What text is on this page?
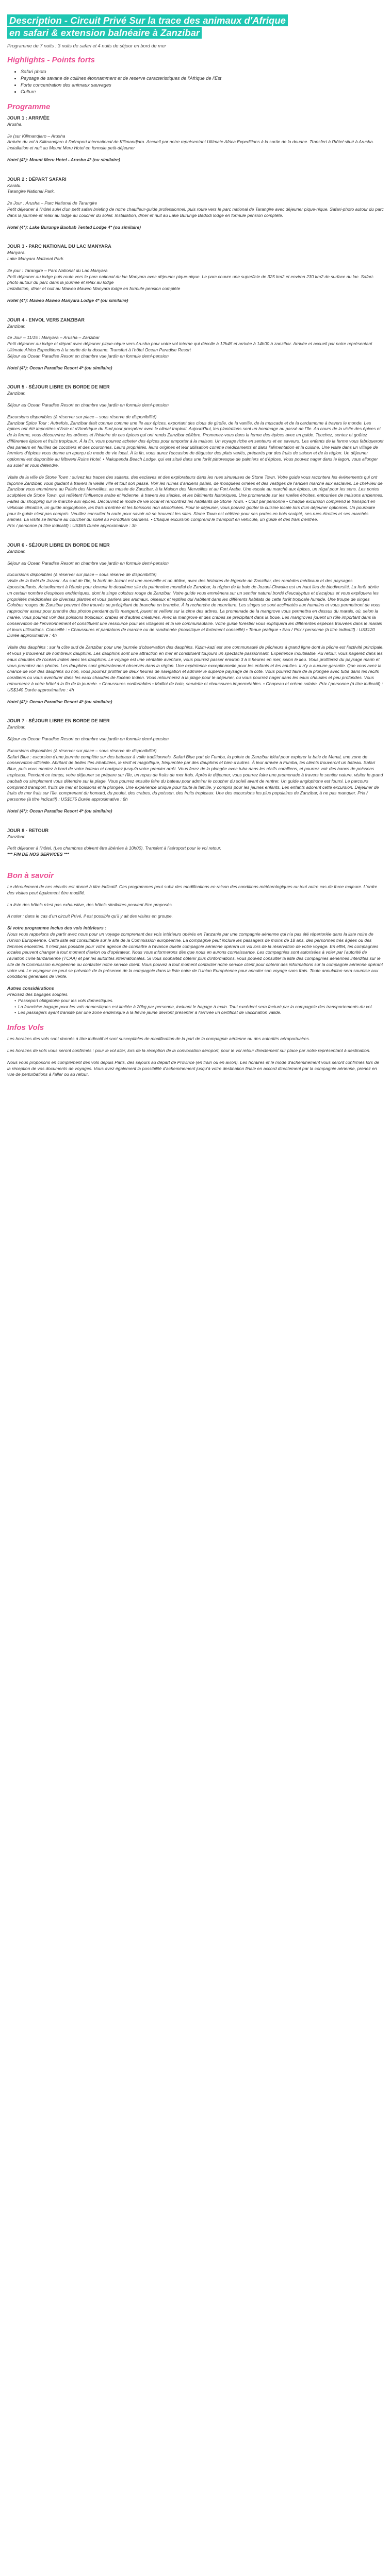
Description - Circuit Privé Sur la trace des animaux d'Afrique en safari & extension balnéaire à Zanzibar
Programme de 7 nuits : 3 nuits de safari et 4 nuits de séjour en bord de mer
Highlights - Points forts
• Safari photo
• Paysage de savane de collines étonnamment et de reserve caracteristiques de l'Afrique de l'Est
• Forte concentration des animaux sauvages
• Culture
Programme
JOUR 1 : ARRIVÉE

Arusha.

Je (sur Kilimandjaro – Arusha

Arrivée du vol à Kilimandjaro à l'aéroport international de Kilimandjaro. Accueil par notre représentant Ultimate Africa Expeditions à la sortie de la douane. Transfert à l'hôtel situé à Arusha.

Installation et nuit au Mount Meru Hotel en formule petit-déjeuner

Hotel (4*): Mount Meru Hotel - Arusha 4* (ou similaire)

JOUR 2 : DÉPART SAFARI

Karatu.

Tarangire National Park.

2e Jour : Arusha – Parc National de Tarangire

Petit déjeuner à l'hôtel suivi d'un petit safari briefing de notre chauffeur-guide professionnel, puis route vers le parc national de Tarangire avec déjeuner pique-nique. Safari-photo autour du parc dans la journée et relax au lodge au coucher du soleil. Installation, dîner et nuit au Lake Burunge Badodi lodge en formule pension complète.

Hotel (4*): Lake Burunge Baobab Tented Lodge 4* (ou similaire)

JOUR 3 - PARC NATIONAL DU LAC MANYARA

Manyara.

Lake Manyara National Park.

3e jour : Tarangire – Parc National du Lac Manyara

Petit déjeuner au lodge puis route vers le parc national du lac Manyara avec déjeuner pique-nique. Le parc couvre une superficie de 325 km2 et environ 230 km2 de surface du lac. Safari-photo autour du parc dans la journée et relax au lodge

Installation, dîner et nuit au Maweo Maweo Manyara lodge en formule pension complète

Hotel (4*): Maweo Maweo Manyara Lodge 4* (ou similaire)

JOUR 4 - ENVOL VERS ZANZIBAR

Zanzibar.

4e Jour – 11/15 : Manyara – Arusha – Zanzibar

Petit déjeuner au lodge et départ avec déjeuner pique-nique vers Arusha pour votre vol interne qui décolle à 12h45 et arrivée à 14h00 à zanzibar. Arrivée et accueil par notre représentant Ultimate Africa Expeditions à la sortie de la douane. Transfert à l'hôtel Ocean Paradise Resort

Séjour au Ocean Paradise Resort en chambre vue jardin en formule demi-pension

Hotel (4*): Ocean Paradise Resort 4* (ou similaire)

JOUR 5 - SÉJOUR LIBRE EN BORDE DE MER

Zanzibar.

Séjour au Ocean Paradise Resort en chambre vue jardin en formule demi-pension

Excursions disponibles (à réserver sur place – sous réserve de disponibilité)

Zanzibar Spice Tour : Autrefois, Zanzibar était connue comme une île aux épices, exportant des clous de girofle, de la vanille, de la muscade et de la cardamome à travers le monde. Les épices ont été importées d'Asie et d'Amérique du Sud pour prospérer avec le climat tropical. Aujourd'hui, les plantations sont un hommage au passé de l'île. Au cours de la visite des épices et de la ferme, vous découvrirez les arômes et l'histoire de ces épices qui ont rendu Zanzibar célèbre. Promenez-vous dans la ferme des épices avec un guide. Touchez, sentez et goûtez différentes épices et fruits tropicaux. À la fin, vous pourrez acheter des épices pour emporter à la maison. Un voyage riche en senteurs et en saveurs. Les enfants de la ferme vous fabriqueront des paniers en feuilles de cocotiers et des couronnes. Leurs propriétés, leurs origines et leur utilisation comme médicaments et dans l'alimentation et la cuisine. Une visite dans un village de fermiers d'épices vous donne un aperçu du mode de vie local. À la fin, vous aurez l'occasion de déguster des plats variés, préparés par des fruits de saison et de la région. Un déjeuner optionnel est disponible au Mbweni Ruins Hotel. • Nakupenda Beach Lodge, qui est situé dans une forêt pittoresque de palmiers et d'épices. Vous pouvez nager dans le lagon, vous allonger au soleil et vous détendre.

Visite de la ville de Stone Town : suivez les traces des sultans, des esclaves et des explorateurs dans les rues sinueuses de Stone Town. Votre guide vous racontera les événements qui ont façonné Zanzibar, vous guidant à travers la vieille ville et tout son passé. Voir les ruines d'anciens palais, de mosquées ornées et des vestiges de l'ancien marché aux esclaves. Le chef-lieu de Zanzibar vous emmènera au Palais des Merveilles, au musée de Zanzibar, à la Maison des Merveilles et au Fort Arabe. Une escale au marché aux épices, un régal pour les sens. Les portes sculptées de Stone Town, qui reflètent l'influence arabe et indienne, à travers les siècles, et les bâtiments historiques. Une promenade sur les ruelles étroites, entourées de maisons anciennes. Faites du shopping sur le marché aux épices. Découvrez le mode de vie local et rencontrez les habitants de Stone Town. • Coût par personne • Chaque excursion comprend le transport en véhicule climatisé, un guide anglophone, les frais d'entrée et les boissons non alcoolisées. Pour le déjeuner, vous pouvez goûter la cuisine locale lors d'un déjeuner optionnel. Un pourboire pour le guide n'est pas compris. Veuillez consulter la carte pour savoir où se trouvent les sites. Stone Town est célèbre pour ses portes en bois sculpté, ses rues étroites et ses marchés animés. La visite se termine au coucher du soleil au Forodhani Gardens. • Chaque excursion comprend le transport en véhicule, un guide et des frais d'entrée.

Prix / personne (à titre indicatif) : US$65 Durée approximative : 3h

JOUR 6 - SÉJOUR LIBRE EN BORDE DE MER

Zanzibar.

Séjour au Ocean Paradise Resort en chambre vue jardin en formule demi-pension

Excursions disponibles (à réserver sur place – sous réserve de disponibilité)

Visite de la forêt de Jozani : Au sud de l'île, la forêt de Jozani est une merveille et un délice, avec des histoires de légende de Zanzibar, des remèdes médicaux et des paysages époustouflants. Actuellement à l'étude pour devenir le deuxième site du patrimoine mondial de Zanzibar, la région de la baie de Jozani-Chwaka est un haut lieu de biodiversité. La forêt abrite un certain nombre d'espèces endémiques, dont le singe colobus rouge de Zanzibar. Votre guide vous emmènera sur un sentier naturel bordé d'eucalyptus et d'acajous et vous expliquera les propriétés médicinales de diverses plantes et vous parlera des animaux, oiseaux et reptiles qui habitent dans les différents habitats de cette forêt tropicale humide. Une troupe de singes Colobus rouges de Zanzibar peuvent être trouvés se précipitant de branche en branche. À la recherche de nourriture. Les singes se sont acclimatés aux humains et vous permettront de vous rapprocher assez pour prendre des photos pendant qu'ils mangent, jouent et veillent sur la cime des arbres. La promenade de la mangrove vous permettra en dessus du marais, où, selon la marée, vous pourrez voir des poissons tropicaux, crabes et d'autres créatures. Avec la mangrove et des crabes se précipitant dans la boue. Les mangroves jouent un rôle important dans la conservation de l'environnement et constituent une ressource pour les villageois et la vie communautaire. Votre guide forestier vous expliquera les différentes espèces trouvées dans le marais et leurs utilisations. Conseillé : • Chaussures et pantalons de marche ou de randonnée (moustique et fortement conseillé) • Tenue pratique • Eau / Prix / personne (à titre indicatif) : US$120 Durée approximative : 4h

Visite des dauphins : sur la côte sud de Zanzibar pour une journée d'observation des dauphins. Kizim-kazi est une communauté de pêcheurs à grand ligne dont la pêche est l'activité principale, et vous y trouverez de nombreux dauphins. Les dauphins sont une attraction en mer et constituent toujours un spectacle passionnant. Expérience inoubliable. Au retour, vous nagerez dans les eaux chaudes de l'océan indien avec les dauphins. Le voyage est une véritable aventure, vous pourrez passer environ 3 à 5 heures en mer, selon le lieu. Vous profiterez du paysage marin et vous prendrez des photos. Les dauphins sont généralement observés dans la région. Une expérience exceptionnelle pour les enfants et les adultes. Il n'y a aucune garantie. Que vous avez la chance de voir des dauphins ou non, vous pourrez profiter de deux heures de navigation et admirer le superbe paysage de la côte. Vous pourrez faire de la plongée avec tuba dans les récifs coralliens ou vous aventurer dans les eaux chaudes de l'océan Indien. Vous retournerez à la plage pour le déjeuner, ou vous pourrez nager dans les eaux chaudes et peu profondes. Vous retournerez à votre hôtel à la fin de la journée. • Chaussures confortables • Maillot de bain, serviette et chaussures imperméables. • Chapeau et crème solaire. Prix / personne (à titre indicatif) : US$140 Durée approximative : 4h

Hotel (4*): Ocean Paradise Resort 4* (ou similaire)

JOUR 7 - SÉJOUR LIBRE EN BORDE DE MER

Zanzibar.

Séjour au Ocean Paradise Resort en chambre vue jardin en formule demi-pension

Excursions disponibles (à réserver sur place – sous réserve de disponibilité)

Safari Blue : excursion d'une journée complète sur des bateaux à voile traditionnels. Safari Blue part de Fumba, la pointe de Zanzibar idéal pour explorer la baie de Menai, une zone de conservation officielle. Abritant de belles îles inhabitées, le récif et magnifique, fréquentée par des dauphins et bien d'autres. À leur arrivée à Fumba, les clients trouveront un bateau. Safari Blue, puis vous montez à bord de votre bateau et naviguez jusqu'à votre premier arrêt. Vous ferez de la plongée avec tuba dans les récifs coralliens, et pourrez voir des bancs de poissons tropicaux. Pendant ce temps, votre déjeuner se prépare sur l'île, un repas de fruits de mer frais. Après le déjeuner, vous pourrez faire une promenade à travers le sentier nature, visiter le grand baobab ou simplement vous détendre sur la plage. Vous pourrez ensuite faire du bateau pour admirer le coucher du soleil avant de rentrer. Un guide anglophone est fourni. Le parcours comprend transport, fruits de mer et boissons et la plongée. Une expérience unique pour toute la famille, y compris pour les jeunes enfants. Les enfants adorent cette excursion. Déjeuner de fruits de mer frais sur l'île, comprenant du homard, du poulet, des crabes, du poisson, des fruits tropicaux. Une des excursions les plus populaires de Zanzibar, à ne pas manquer. Prix / personne (à titre indicatif) : US$175 Durée approximative : 6h

Hotel (4*): Ocean Paradise Resort 4* (ou similaire)

JOUR 8 - RETOUR

Zanzibar.

Petit déjeuner à l'hôtel. (Les chambres doivent être libérées à 10h00). Transfert à l'aéroport pour le vol retour.

*** FIN DE NOS SERVICES ***

Bon à savoir

Le déroulement de ces circuits est donné à titre indicatif. Ces programmes peut subir des modifications en raison des conditions météorologiques ou tout autre cas de force majeure. L'ordre des visites peut également être modifié.

La liste des hôtels n'est pas exhaustive, des hôtels similaires peuvent être proposés.

A noter : dans le cas d'un circuit Privé, il est possible qu'il y ait des visites en groupe.

Si votre programme inclus des vols intérieurs :

Nous vous rappelons de partir avec nous pour un voyage comprenant des vols intérieurs opérés en Tanzanie par une compagnie aérienne qui n'a pas été répertoriée dans la liste noire de l'Union Européenne. Cette liste est consultable sur le site de la Commission européenne. La compagnie peut inclure les passagers de moins de 18 ans, des personnes très âgées ou des femmes enceintes. Il n'est pas possible pour votre agence de connaître à l'avance quelle compagnie aérienne opérera un vol lors de la réservation de votre voyage. En effet, les compagnies locales peuvent changer à tout moment d'avion ou d'opérateur. Nous vous informerons dès que nous en aurons connaissance. Les compagnies sont autorisées à voler par l'autorité de l'aviation civile tanzanienne (TCAA) et par les autorités internationales. Si vous souhaitez obtenir plus d'informations, vous pouvez consulter la liste des compagnies aériennes interdites sur le site de la Commission européenne ou contacter notre service client. Vous pouvez à tout moment contacter notre service client pour obtenir des informations sur la compagnie aérienne opérant votre vol. Le voyageur ne peut se prévaloir de la présence de la compagnie dans la liste noire de l'Union Européenne pour annuler son voyage sans frais. Toute annulation sera soumise aux conditions générales de vente.

Autres considérations
Précisez des bagages souples.
• Passeport obligatoire pour les vols domestiques.
• La franchise bagage pour les vols domestiques est limitée à 20kg par personne, incluant le bagage à main. Tout excédent sera facturé par la compagnie des transportements du vol.
• Les passagers ayant transité par une zone endémique à la fièvre jaune devront présenter à l'arrivée un certificat de vaccination valide.
Infos Vols

Les horaires des vols sont donnés à titre indicatif et sont susceptibles de modification de la part de la compagnie aérienne ou des autorités aéroportuaires.

Les horaires de vols vous seront confirmés : pour le vol aller, lors de la réception de la convocation aéroport, pour le vol retour directement sur place par notre représentant à destination.

Nous vous proposons en complément des vols depuis Paris, des séjours au départ de Province (en train ou en avion). Les horaires et le mode d'acheminement vous seront confirmés lors de la réception de vos documents de voyages. Vous avez également la possibilité d'acheminement jusqu'à votre destination finale en accord directement par la compagnie aérienne, prenez en vue de perturbations à l'aller ou au retour.
